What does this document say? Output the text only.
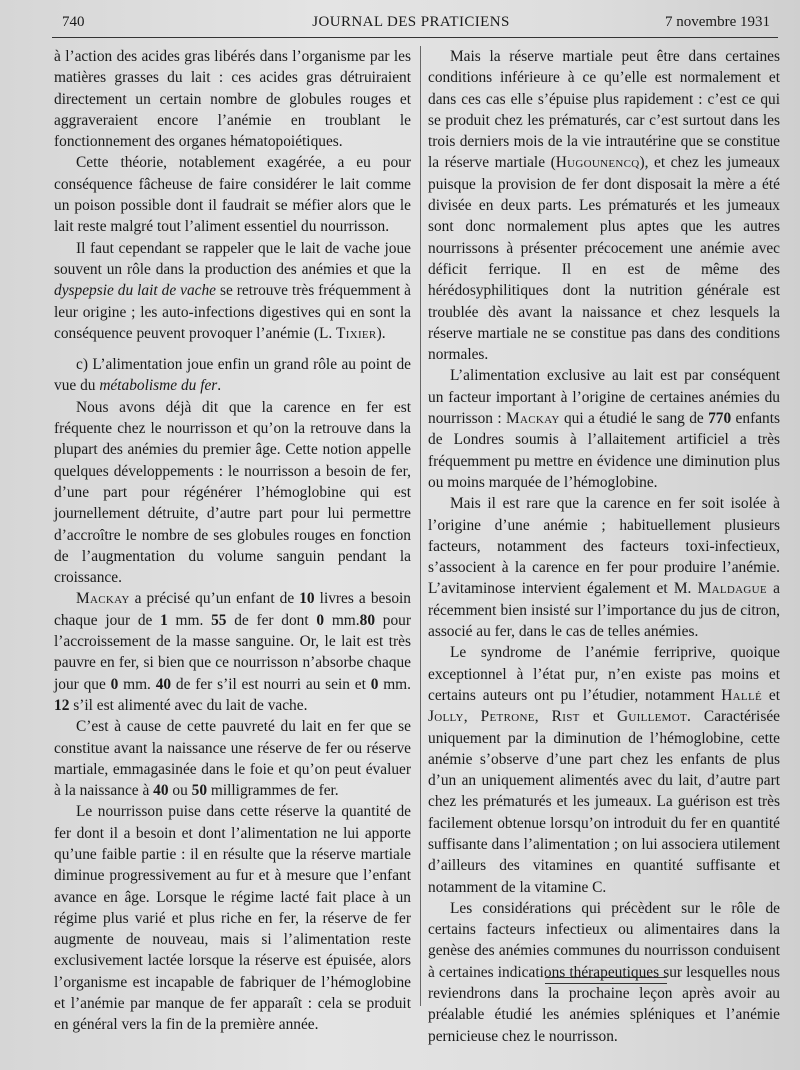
740	JOURNAL DES PRATICIENS	7 novembre 1931

à l’action des acides gras libérés dans l’organisme par les matières grasses du lait : ces acides gras détruiraient directement un certain nombre de globules rouges et aggraveraient encore l’anémie en troublant le fonctionnement des organes hématopoiétiques.

Cette théorie, notablement exagérée, a eu pour conséquence fâcheuse de faire considérer le lait comme un poison possible dont il faudrait se méfier alors que le lait reste malgré tout l’aliment essentiel du nourrisson.

Il faut cependant se rappeler que le lait de vache joue souvent un rôle dans la production des anémies et que la dyspepsie du lait de vache se retrouve très fréquemment à leur origine ; les auto-infections digestives qui en sont la conséquence peuvent provoquer l’anémie (L. Tixier).

c) L’alimentation joue enfin un grand rôle au point de vue du métabolisme du fer.

Nous avons déjà dit que la carence en fer est fréquente chez le nourrisson et qu’on la retrouve dans la plupart des anémies du premier âge. Cette notion appelle quelques développements : le nourrisson a besoin de fer, d’une part pour régénérer l’hémoglobine qui est journellement détruite, d’autre part pour lui permettre d’accroître le nombre de ses globules rouges en fonction de l’augmentation du volume sanguin pendant la croissance.

Mackay a précisé qu’un enfant de 10 livres a besoin chaque jour de 1 mm. 55 de fer dont 0 mm.80 pour l’accroissement de la masse sanguine. Or, le lait est très pauvre en fer, si bien que ce nourrisson n’absorbe chaque jour que 0 mm. 40 de fer s’il est nourri au sein et 0 mm. 12 s’il est alimenté avec du lait de vache.

C’est à cause de cette pauvreté du lait en fer que se constitue avant la naissance une réserve de fer ou réserve martiale, emmagasinée dans le foie et qu’on peut évaluer à la naissance à 40 ou 50 milligrammes de fer.

Le nourrisson puise dans cette réserve la quantité de fer dont il a besoin et dont l’alimentation ne lui apporte qu’une faible partie : il en résulte que la réserve martiale diminue progressivement au fur et à mesure que l’enfant avance en âge. Lorsque le régime lacté fait place à un régime plus varié et plus riche en fer, la réserve de fer augmente de nouveau, mais si l’alimentation reste exclusivement lactée lorsque la réserve est épuisée, alors l’organisme est incapable de fabriquer de l’hémoglobine et l’anémie par manque de fer apparaît : cela se produit en général vers la fin de la première année.

Mais la réserve martiale peut être dans certaines conditions inférieure à ce qu’elle est normalement et dans ces cas elle s’épuise plus rapidement : c’est ce qui se produit chez les prématurés, car c’est surtout dans les trois derniers mois de la vie intrautérine que se constitue la réserve martiale (Hugounencq), et chez les jumeaux puisque la provision de fer dont disposait la mère a été divisée en deux parts. Les prématurés et les jumeaux sont donc normalement plus aptes que les autres nourrissons à présenter précocement une anémie avec déficit ferrique. Il en est de même des hérédosyphilitiques dont la nutrition générale est troublée dès avant la naissance et chez lesquels la réserve martiale ne se constitue pas dans des conditions normales.

L’alimentation exclusive au lait est par conséquent un facteur important à l’origine de certaines anémies du nourrisson : Mackay qui a étudié le sang de 770 enfants de Londres soumis à l’allaitement artificiel a très fréquemment pu mettre en évidence une diminution plus ou moins marquée de l’hémoglobine.

Mais il est rare que la carence en fer soit isolée à l’origine d’une anémie ; habituellement plusieurs facteurs, notamment des facteurs toxi-infectieux, s’associent à la carence en fer pour produire l’anémie. L’avitaminose intervient également et M. Maldague a récemment bien insisté sur l’importance du jus de citron, associé au fer, dans le cas de telles anémies.

Le syndrome de l’anémie ferriprive, quoique exceptionnel à l’état pur, n’en existe pas moins et certains auteurs ont pu l’étudier, notamment Hallé et Jolly, Petrone, Rist et Guillemot. Caractérisée uniquement par la diminution de l’hémoglobine, cette anémie s’observe d’une part chez les enfants de plus d’un an uniquement alimentés avec du lait, d’autre part chez les prématurés et les jumeaux. La guérison est très facilement obtenue lorsqu’on introduit du fer en quantité suffisante dans l’alimentation ; on lui associera utilement d’ailleurs des vitamines en quantité suffisante et notamment de la vitamine C.

Les considérations qui précèdent sur le rôle de certains facteurs infectieux ou alimentaires dans la genèse des anémies communes du nourrisson conduisent à certaines indications thérapeutiques sur lesquelles nous reviendrons dans la prochaine leçon après avoir au préalable étudié les anémies spléniques et l’anémie pernicieuse chez le nourrisson.
